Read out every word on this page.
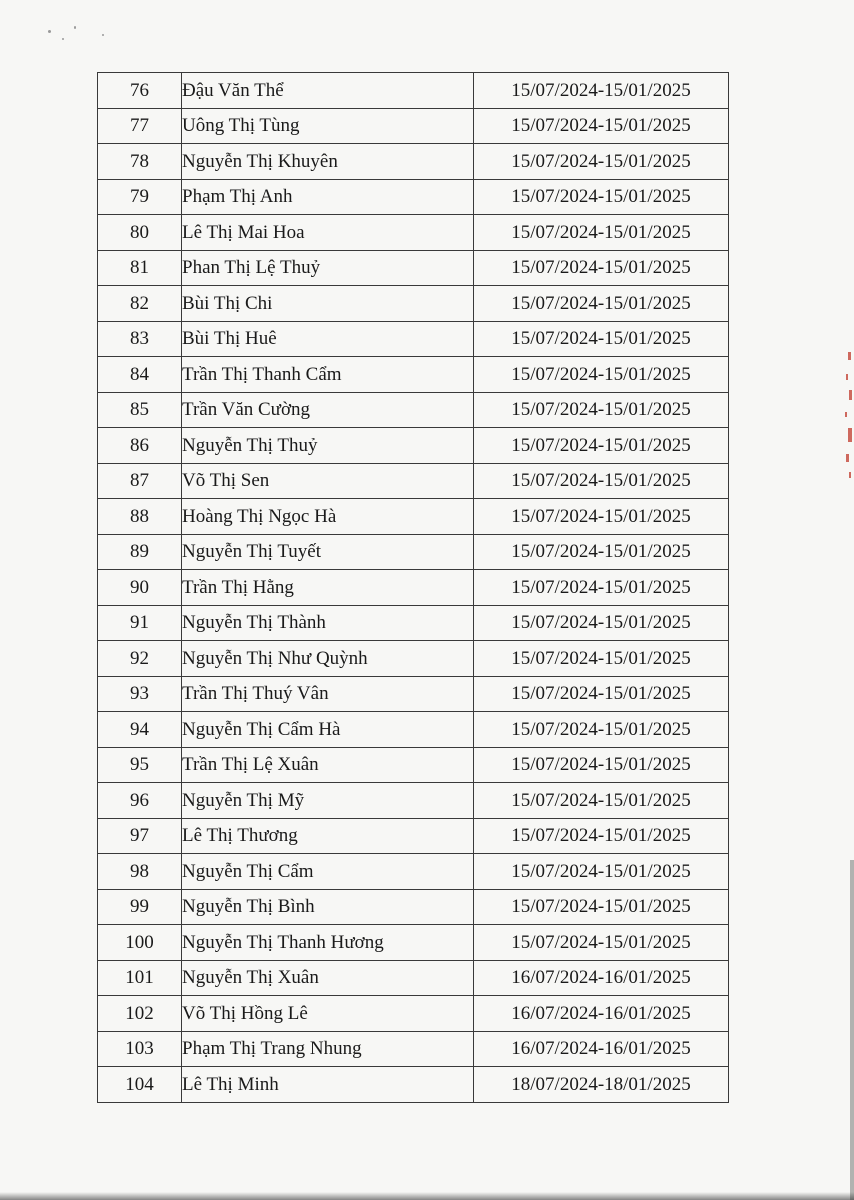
76	Đậu Văn Thể	15/07/2024-15/01/2025
77	Uông Thị Tùng	15/07/2024-15/01/2025
78	Nguyễn Thị Khuyên	15/07/2024-15/01/2025
79	Phạm Thị Anh	15/07/2024-15/01/2025
80	Lê Thị Mai Hoa	15/07/2024-15/01/2025
81	Phan Thị Lệ Thuỷ	15/07/2024-15/01/2025
82	Bùi Thị Chi	15/07/2024-15/01/2025
83	Bùi Thị Huê	15/07/2024-15/01/2025
84	Trần Thị Thanh Cẩm	15/07/2024-15/01/2025
85	Trần Văn Cường	15/07/2024-15/01/2025
86	Nguyễn Thị Thuỷ	15/07/2024-15/01/2025
87	Võ Thị Sen	15/07/2024-15/01/2025
88	Hoàng Thị Ngọc Hà	15/07/2024-15/01/2025
89	Nguyễn Thị Tuyết	15/07/2024-15/01/2025
90	Trần Thị Hằng	15/07/2024-15/01/2025
91	Nguyễn Thị Thành	15/07/2024-15/01/2025
92	Nguyễn Thị Như Quỳnh	15/07/2024-15/01/2025
93	Trần Thị Thuý Vân	15/07/2024-15/01/2025
94	Nguyễn Thị Cẩm Hà	15/07/2024-15/01/2025
95	Trần Thị Lệ Xuân	15/07/2024-15/01/2025
96	Nguyễn Thị Mỹ	15/07/2024-15/01/2025
97	Lê Thị Thương	15/07/2024-15/01/2025
98	Nguyễn Thị Cẩm	15/07/2024-15/01/2025
99	Nguyễn Thị Bình	15/07/2024-15/01/2025
100	Nguyễn Thị Thanh Hương	15/07/2024-15/01/2025
101	Nguyễn Thị Xuân	16/07/2024-16/01/2025
102	Võ Thị Hồng Lê	16/07/2024-16/01/2025
103	Phạm Thị Trang Nhung	16/07/2024-16/01/2025
104	Lê Thị Minh	18/07/2024-18/01/2025
